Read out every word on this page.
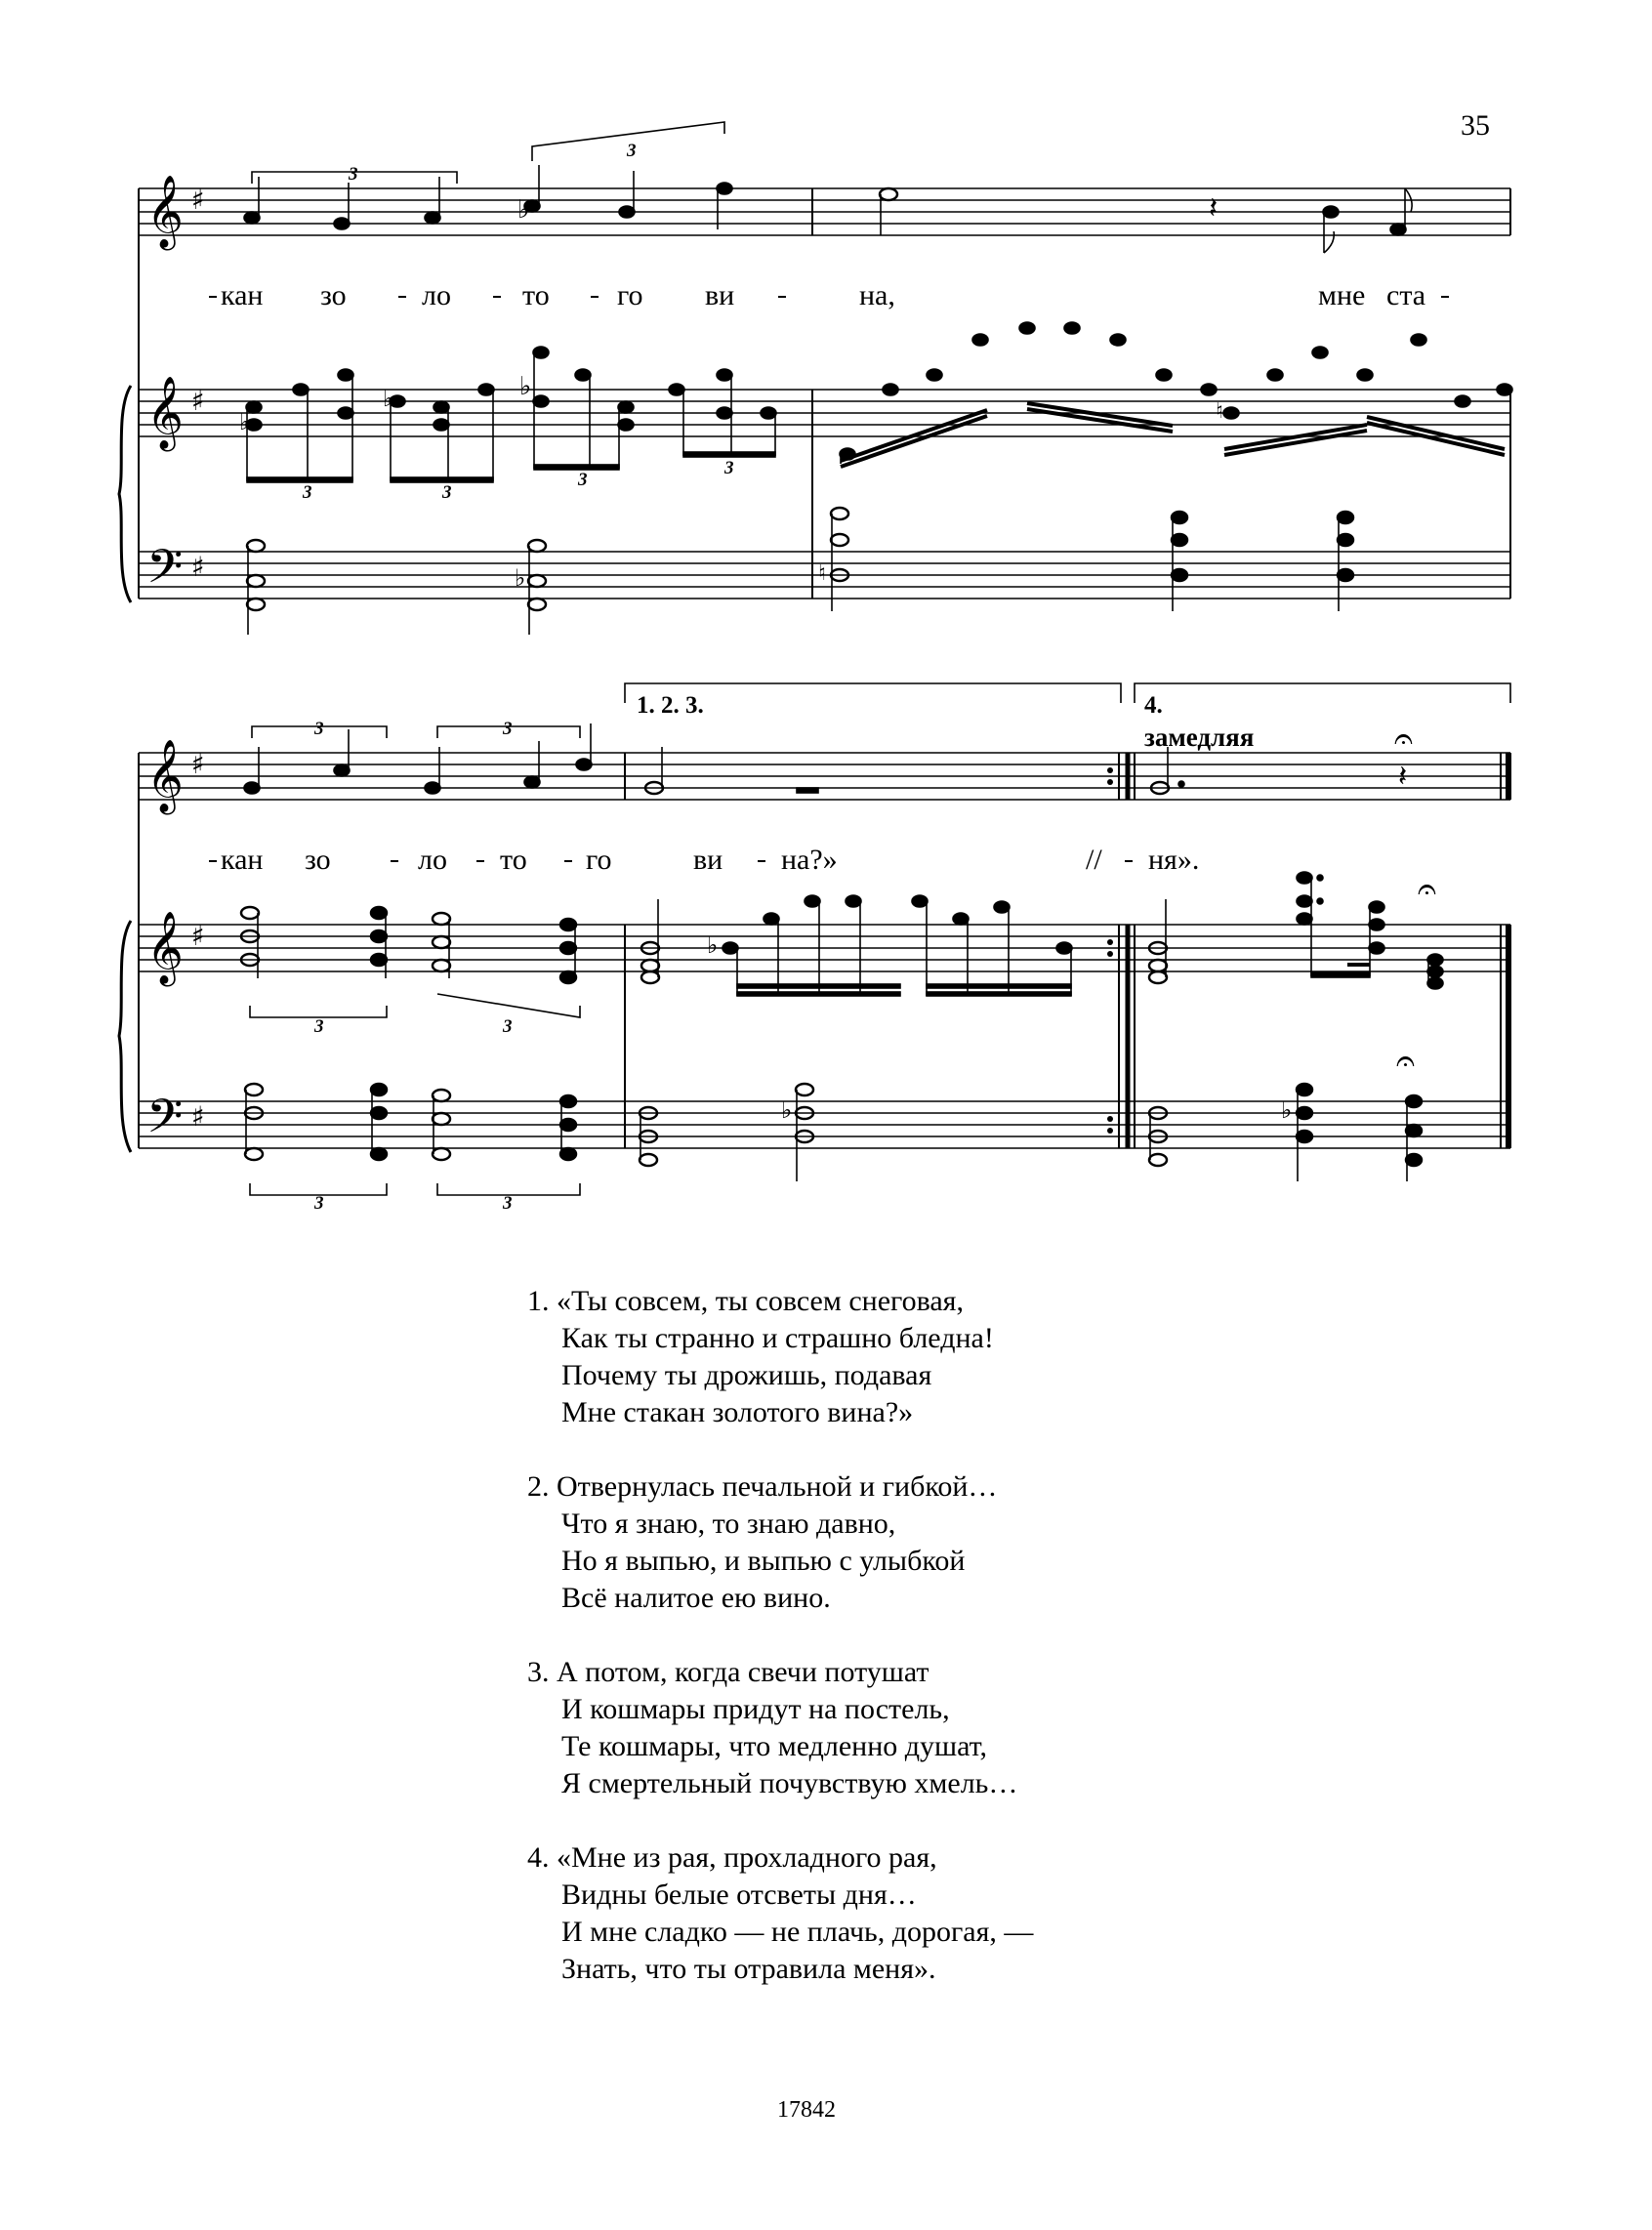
35
𝄞
𝄞
𝄢
♯
♯
♯
3
3
♭	𝄽
♭
♭
♭	♮
3	3
3
3
♭	♮
кан зо	ло то го ви	на,	мне ста
1. 2. 3.	4.
замедляя
𝄞
𝄞
𝄢
♯
♯
♯
3	3
𝄽
𝄐
♭
𝄐
3	3
♭	♭
𝄐
3	3
кан зо	ло то го	ви на?»	// ня».
1. «Ты совсем, ты совсем снеговая,
Как ты странно и страшно бледна!
Почему ты дрожишь, подавая
Мне стакан золотого вина?»
2. Отвернулась печальной и гибкой…
Что я знаю, то знаю давно,
Но я выпью, и выпью с улыбкой
Всё налитое ею вино.
3. А потом, когда свечи потушат
И кошмары придут на постель,
Те кошмары, что медленно душат,
Я смертельный почувствую хмель…
4. «Мне из рая, прохладного рая,
Видны белые отсветы дня…
И мне сладко — не плачь, дорогая, —
Знать, что ты отравила меня».
17842
